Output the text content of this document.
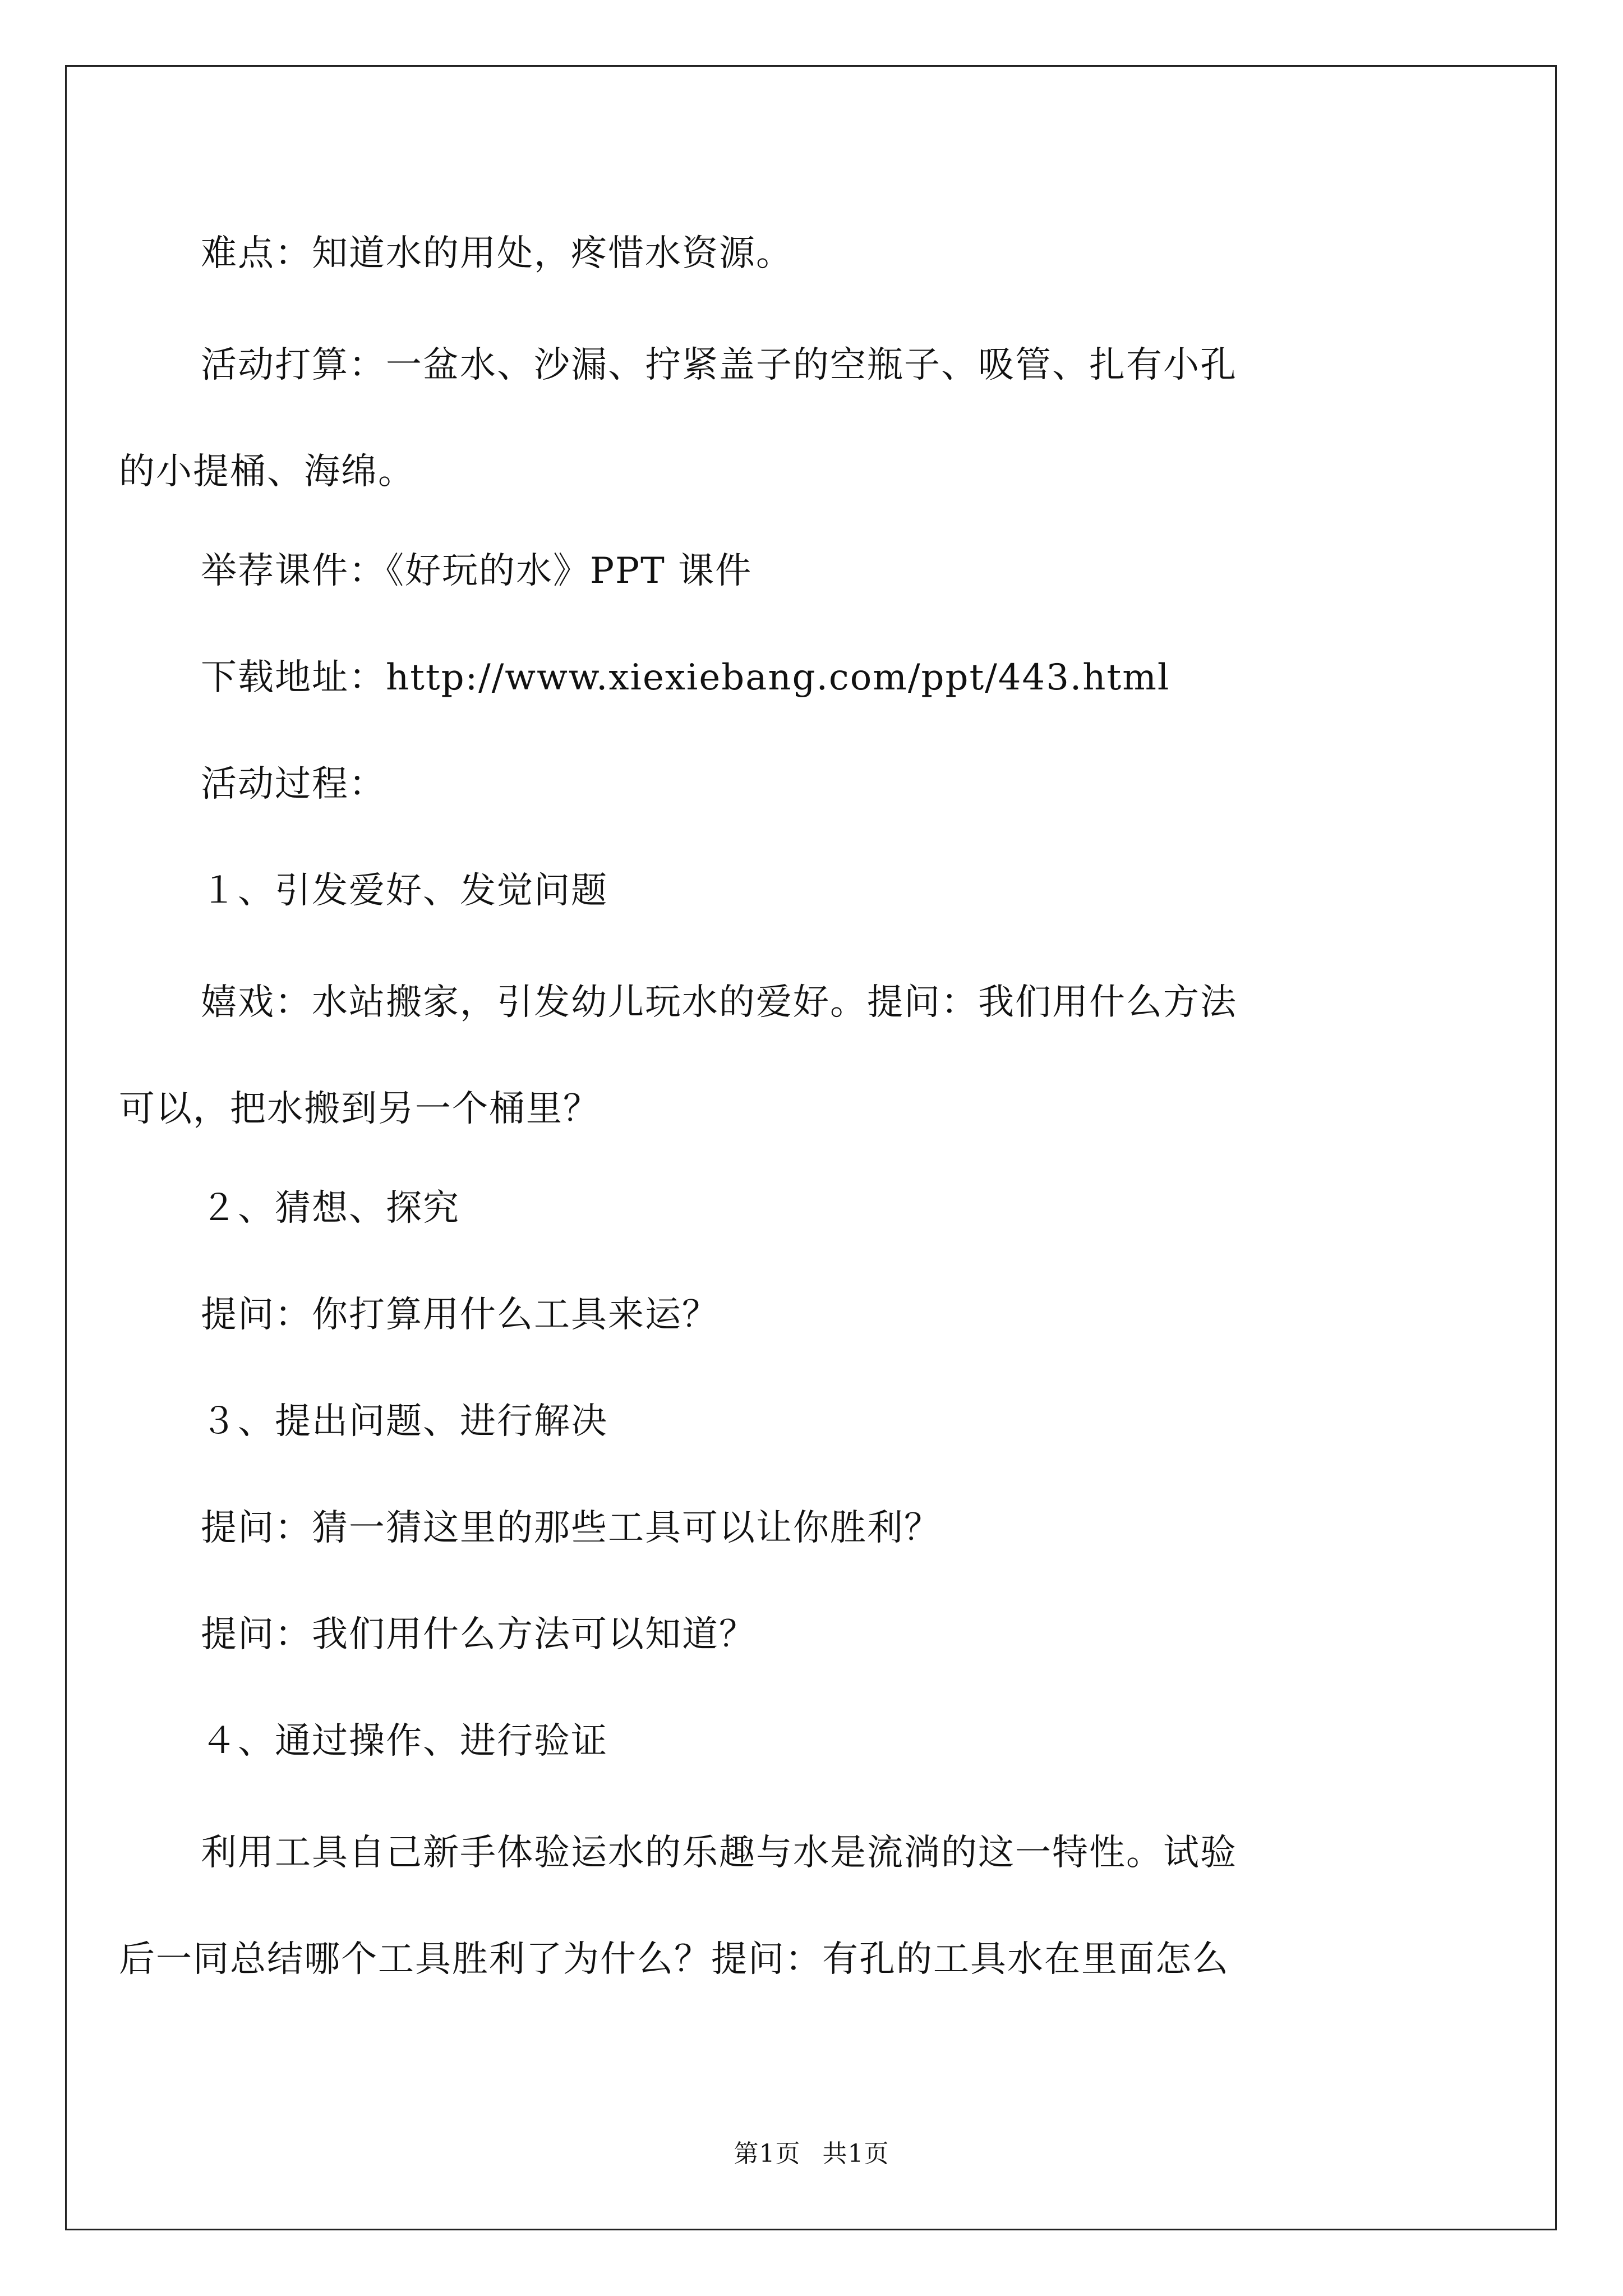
难点：知道水的用处，疼惜水资源。
活动打算：一盆水、沙漏、拧紧盖子的空瓶子、吸管、扎有小孔
的小提桶、海绵。
举荐课件：《好玩的水》PPT 课件
下载地址：http://www.xiexiebang.com/ppt/443.html
活动过程：
１、引发爱好、发觉问题
嬉戏：水站搬家，引发幼儿玩水的爱好。提问：我们用什么方法
可以，把水搬到另一个桶里？
２、猜想、探究
提问：你打算用什么工具来运？
３、提出问题、进行解决
提问：猜一猜这里的那些工具可以让你胜利？
提问：我们用什么方法可以知道？
４、通过操作、进行验证
利用工具自己新手体验运水的乐趣与水是流淌的这一特性。试验
后一同总结哪个工具胜利了为什么？提问：有孔的工具水在里面怎么
第1页 共1页
